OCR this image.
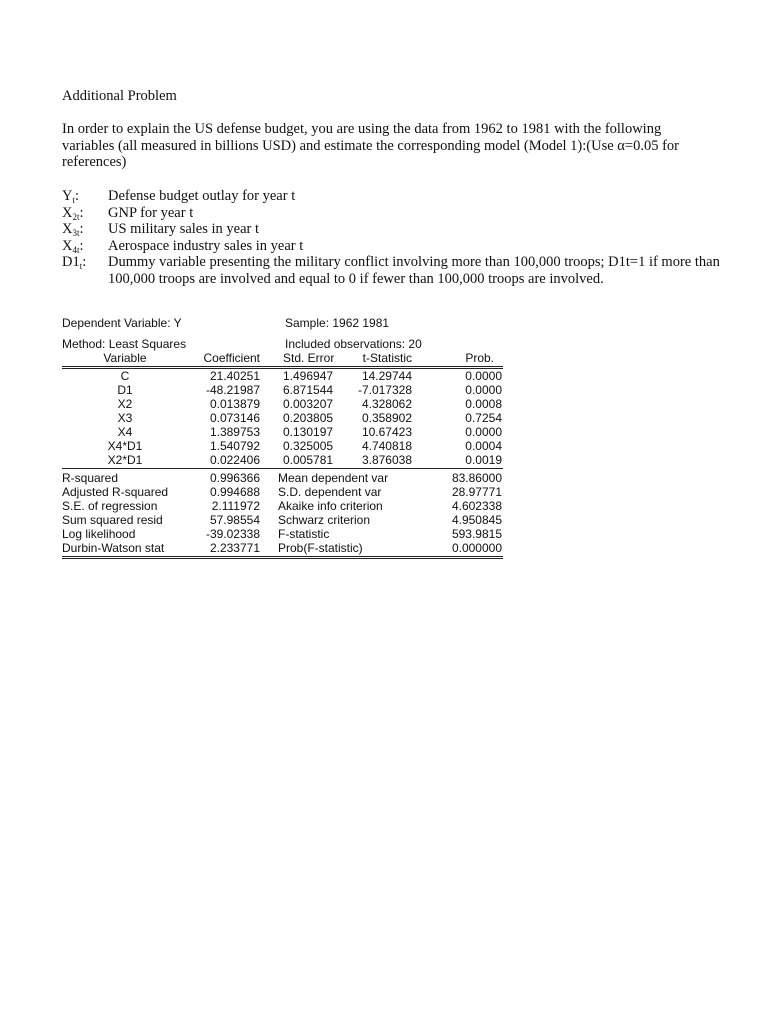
Additional Problem
In order to explain the US defense budget, you are using the data from 1962 to 1981 with the following variables (all measured in billions USD) and estimate the corresponding model (Model 1):(Use α=0.05 for references)
$Y_t$: Defense budget outlay for year t
$X_{2t}$: GNP for year t
$X_{3t}$: US military sales in year t
$X_{4t}$: Aerospace industry sales in year t
$D1_t$: Dummy variable presenting the military conflict involving more than 100,000 troops; D1t=1 if more than 100,000 troops are involved and equal to 0 if fewer than 100,000 troops are involved.
Dependent Variable: Y	Sample: 1962 1981
Method: Least Squares	Included observations: 20
Variable	Coefficient Std. Error	t-Statistic	Prob.
C	21.40251 1.496947	14.29744	0.0000
D1	-48.21987 6.871544	-7.017328	0.0000
X2	0.013879 0.003207	4.328062	0.0008
X3	0.073146 0.203805	0.358902	0.7254
X4	1.389753 0.130197	10.67423	0.0000
X4*D1	1.540792 0.325005	4.740818	0.0004
X2*D1	0.022406 0.005781	3.876038	0.0019
R-squared	0.996366 Mean dependent var	83.86000
Adjusted R-squared	0.994688 S.D. dependent var	28.97771
S.E. of regression	2.111972 Akaike info criterion	4.602338
Sum squared resid	57.98554 Schwarz criterion	4.950845
Log likelihood	-39.02338 F-statistic	593.9815
Durbin-Watson stat	2.233771 Prob(F-statistic)	0.000000
